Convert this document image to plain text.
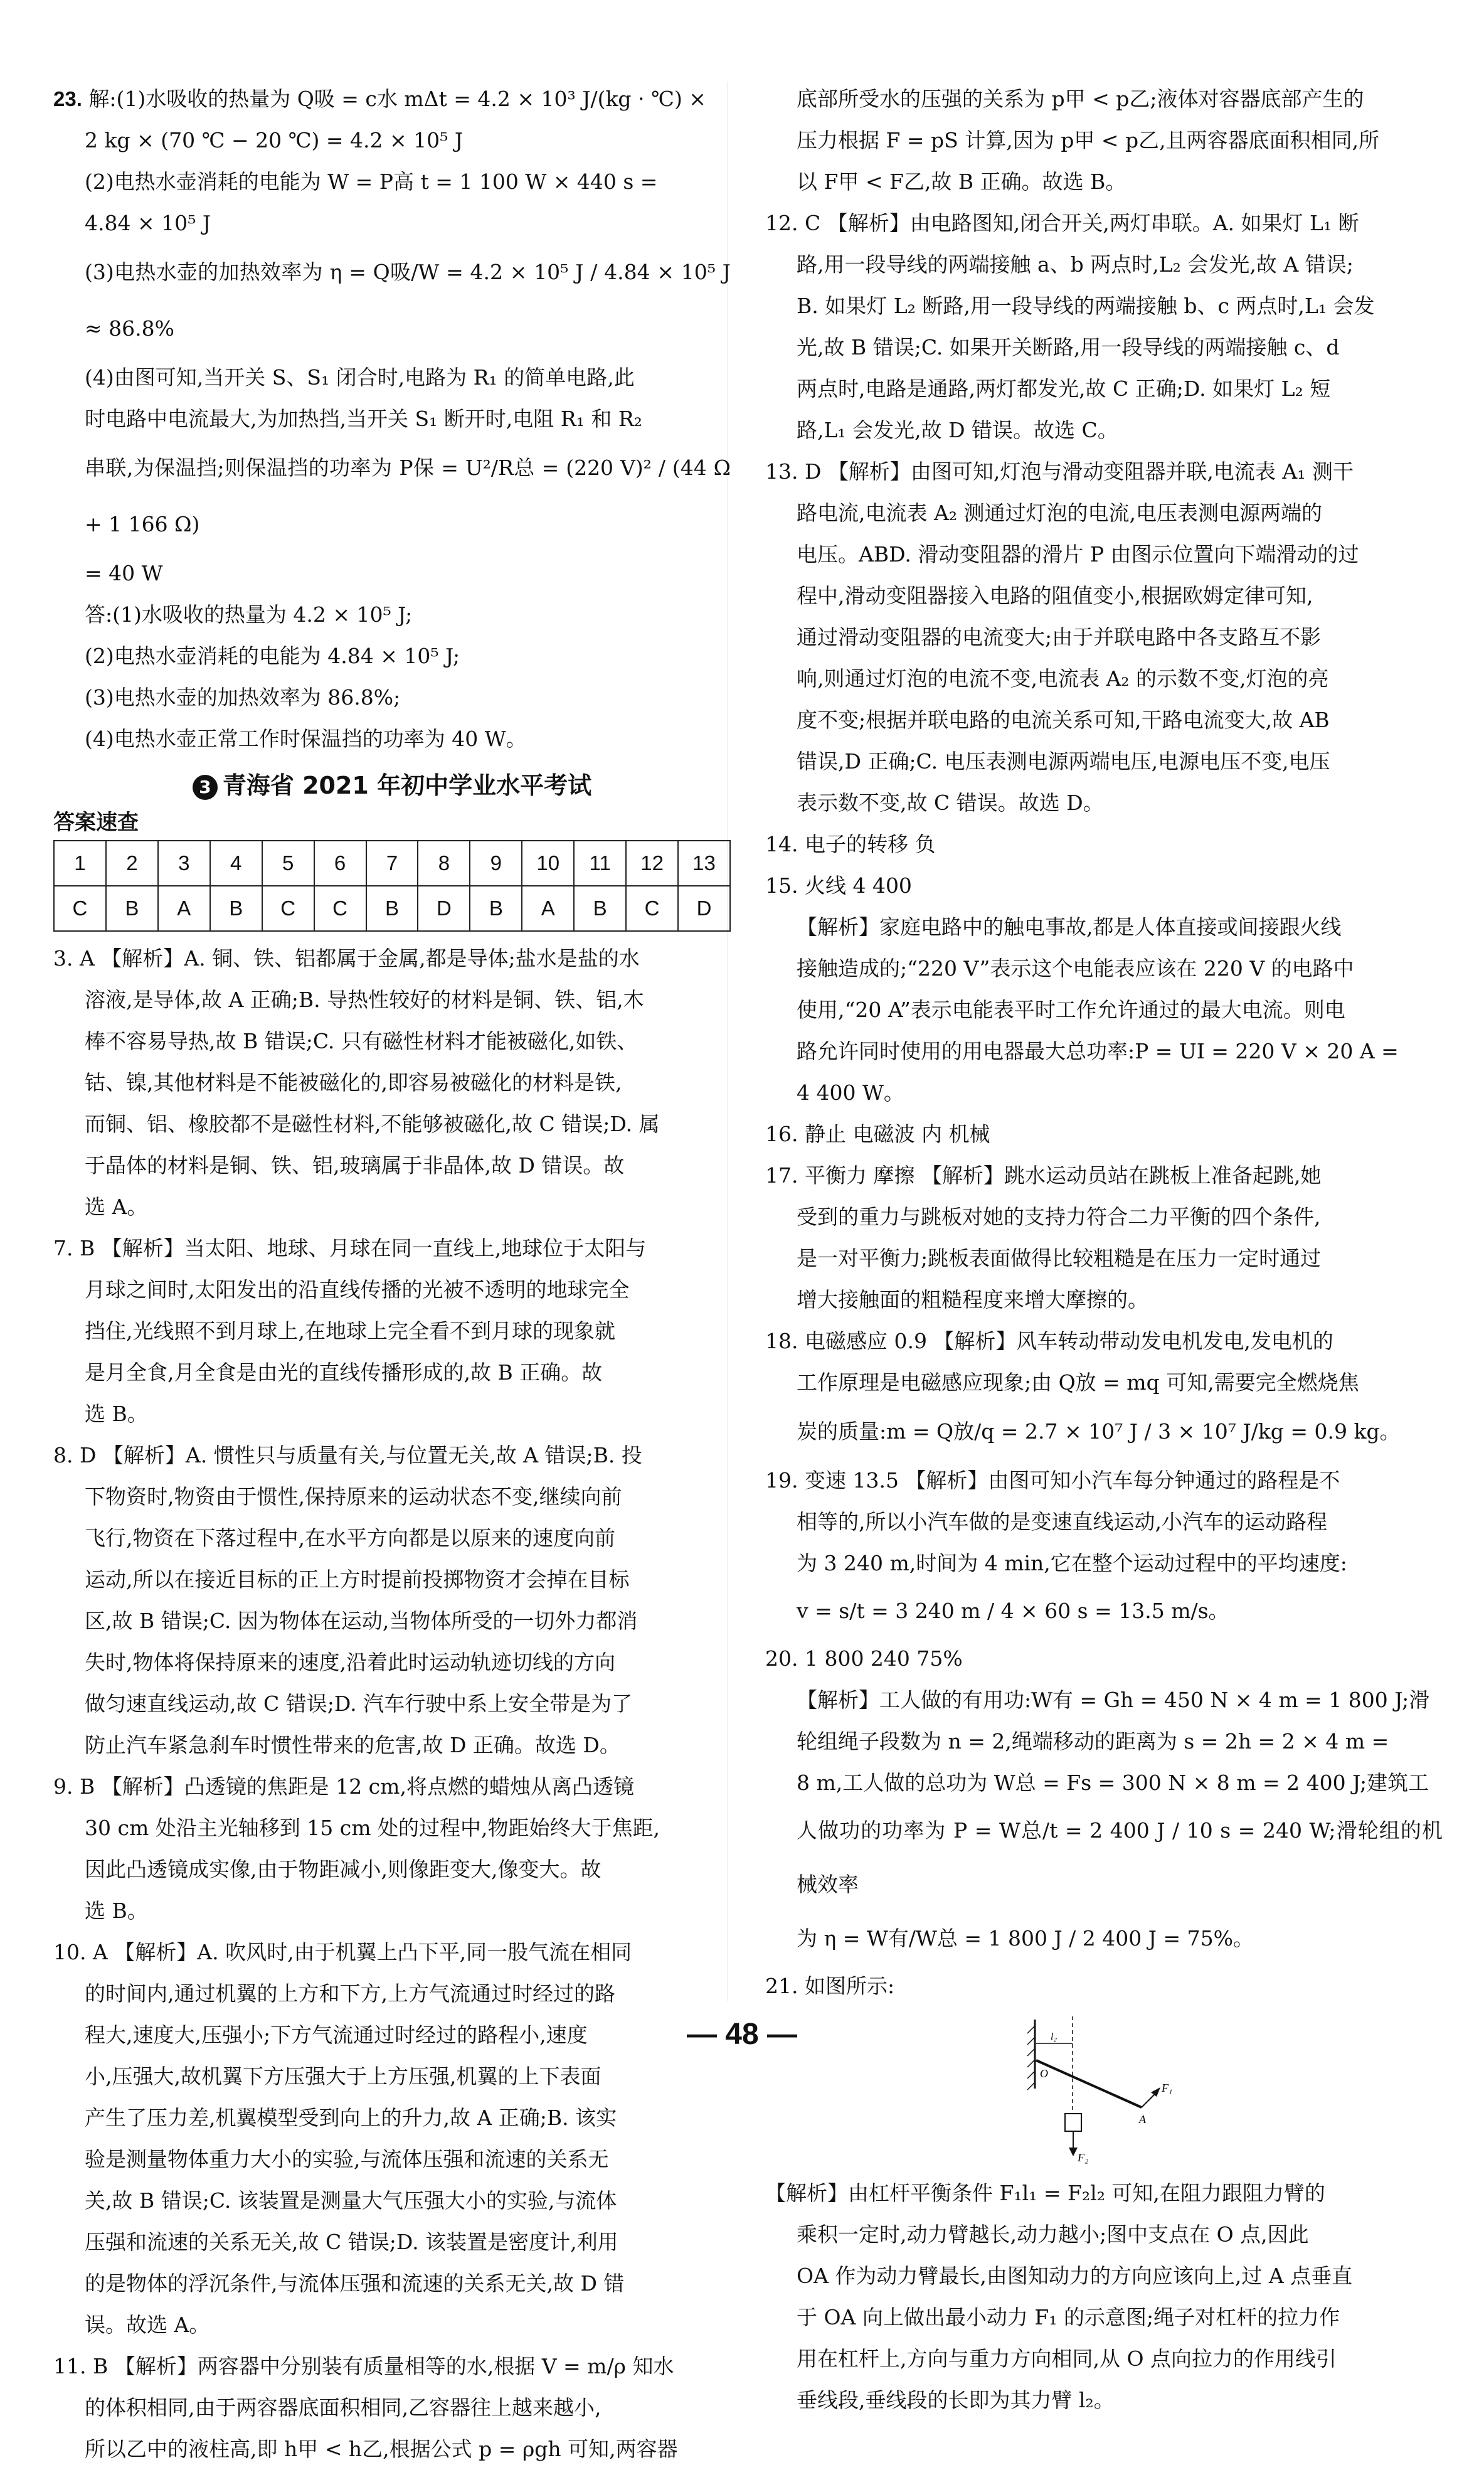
23. 解:(1)水吸收的热量为 Q吸 = c水 mΔt = 4.2 × 10³ J/(kg · ℃) ×

2 kg × (70 ℃ − 20 ℃) = 4.2 × 10⁵ J

(2)电热水壶消耗的电能为 W = P高 t = 1 100 W × 440 s =

4.84 × 10⁵ J

(3)电热水壶的加热效率为 η = Q吸/W = 4.2 × 10⁵ J / 4.84 × 10⁵ J ≈ 86.8%

(4)由图可知,当开关 S、S₁ 闭合时,电路为 R₁ 的简单电路,此

时电路中电流最大,为加热挡,当开关 S₁ 断开时,电阻 R₁ 和 R₂

串联,为保温挡;则保温挡的功率为 P保 = U²/R总 = (220 V)² / (44 Ω + 1 166 Ω)

= 40 W

答:(1)水吸收的热量为 4.2 × 10⁵ J;

(2)电热水壶消耗的电能为 4.84 × 10⁵ J;

(3)电热水壶的加热效率为 86.8%;

(4)电热水壶正常工作时保温挡的功率为 40 W。

3 青海省 2021 年初中学业水平考试

答案速查

1	2	3	4	5	6	7	8	9	10	11	12	13
C	B	A	B	C	C	B	D	B	A	B	C	D

3. A 【解析】A. 铜、铁、铝都属于金属,都是导体;盐水是盐的水

溶液,是导体,故 A 正确;B. 导热性较好的材料是铜、铁、铝,木

棒不容易导热,故 B 错误;C. 只有磁性材料才能被磁化,如铁、

钴、镍,其他材料是不能被磁化的,即容易被磁化的材料是铁,

而铜、铝、橡胶都不是磁性材料,不能够被磁化,故 C 错误;D. 属

于晶体的材料是铜、铁、铝,玻璃属于非晶体,故 D 错误。故

选 A。

7. B 【解析】当太阳、地球、月球在同一直线上,地球位于太阳与

月球之间时,太阳发出的沿直线传播的光被不透明的地球完全

挡住,光线照不到月球上,在地球上完全看不到月球的现象就

是月全食,月全食是由光的直线传播形成的,故 B 正确。故

选 B。

8. D 【解析】A. 惯性只与质量有关,与位置无关,故 A 错误;B. 投

下物资时,物资由于惯性,保持原来的运动状态不变,继续向前

飞行,物资在下落过程中,在水平方向都是以原来的速度向前

运动,所以在接近目标的正上方时提前投掷物资才会掉在目标

区,故 B 错误;C. 因为物体在运动,当物体所受的一切外力都消

失时,物体将保持原来的速度,沿着此时运动轨迹切线的方向

做匀速直线运动,故 C 错误;D. 汽车行驶中系上安全带是为了

防止汽车紧急刹车时惯性带来的危害,故 D 正确。故选 D。

9. B 【解析】凸透镜的焦距是 12 cm,将点燃的蜡烛从离凸透镜

30 cm 处沿主光轴移到 15 cm 处的过程中,物距始终大于焦距,

因此凸透镜成实像,由于物距减小,则像距变大,像变大。故

选 B。

10. A 【解析】A. 吹风时,由于机翼上凸下平,同一股气流在相同

的时间内,通过机翼的上方和下方,上方气流通过时经过的路

程大,速度大,压强小;下方气流通过时经过的路程小,速度

小,压强大,故机翼下方压强大于上方压强,机翼的上下表面

产生了压力差,机翼模型受到向上的升力,故 A 正确;B. 该实

验是测量物体重力大小的实验,与流体压强和流速的关系无

关,故 B 错误;C. 该装置是测量大气压强大小的实验,与流体

压强和流速的关系无关,故 C 错误;D. 该装置是密度计,利用

的是物体的浮沉条件,与流体压强和流速的关系无关,故 D 错

误。故选 A。

11. B 【解析】两容器中分别装有质量相等的水,根据 V = m/ρ 知水

的体积相同,由于两容器底面积相同,乙容器往上越来越小,

所以乙中的液柱高,即 h甲 < h乙,根据公式 p = ρgh 可知,两容器

底部所受水的压强的关系为 p甲 < p乙;液体对容器底部产生的

压力根据 F = pS 计算,因为 p甲 < p乙,且两容器底面积相同,所

以 F甲 < F乙,故 B 正确。故选 B。

12. C 【解析】由电路图知,闭合开关,两灯串联。A. 如果灯 L₁ 断

路,用一段导线的两端接触 a、b 两点时,L₂ 会发光,故 A 错误;

B. 如果灯 L₂ 断路,用一段导线的两端接触 b、c 两点时,L₁ 会发

光,故 B 错误;C. 如果开关断路,用一段导线的两端接触 c、d

两点时,电路是通路,两灯都发光,故 C 正确;D. 如果灯 L₂ 短

路,L₁ 会发光,故 D 错误。故选 C。

13. D 【解析】由图可知,灯泡与滑动变阻器并联,电流表 A₁ 测干

路电流,电流表 A₂ 测通过灯泡的电流,电压表测电源两端的

电压。ABD. 滑动变阻器的滑片 P 由图示位置向下端滑动的过

程中,滑动变阻器接入电路的阻值变小,根据欧姆定律可知,

通过滑动变阻器的电流变大;由于并联电路中各支路互不影

响,则通过灯泡的电流不变,电流表 A₂ 的示数不变,灯泡的亮

度不变;根据并联电路的电流关系可知,干路电流变大,故 AB

错误,D 正确;C. 电压表测电源两端电压,电源电压不变,电压

表示数不变,故 C 错误。故选 D。

14. 电子的转移 负

15. 火线 4 400

【解析】家庭电路中的触电事故,都是人体直接或间接跟火线

接触造成的;“220 V”表示这个电能表应该在 220 V 的电路中

使用,“20 A”表示电能表平时工作允许通过的最大电流。则电

路允许同时使用的用电器最大总功率:P = UI = 220 V × 20 A =

4 400 W。

16. 静止 电磁波 内 机械

17. 平衡力 摩擦 【解析】跳水运动员站在跳板上准备起跳,她

受到的重力与跳板对她的支持力符合二力平衡的四个条件,

是一对平衡力;跳板表面做得比较粗糙是在压力一定时通过

增大接触面的粗糙程度来增大摩擦的。

18. 电磁感应 0.9 【解析】风车转动带动发电机发电,发电机的

工作原理是电磁感应现象;由 Q放 = mq 可知,需要完全燃烧焦

炭的质量:m = Q放/q = 2.7 × 10⁷ J / 3 × 10⁷ J/kg = 0.9 kg。

19. 变速 13.5 【解析】由图可知小汽车每分钟通过的路程是不

相等的,所以小汽车做的是变速直线运动,小汽车的运动路程

为 3 240 m,时间为 4 min,它在整个运动过程中的平均速度:

v = s/t = 3 240 m / 4 × 60 s = 13.5 m/s。

20. 1 800 240 75%

【解析】工人做的有用功:W有 = Gh = 450 N × 4 m = 1 800 J;滑

轮组绳子段数为 n = 2,绳端移动的距离为 s = 2h = 2 × 4 m =

8 m,工人做的总功为 W总 = Fs = 300 N × 8 m = 2 400 J;建筑工

人做功的功率为 P = W总/t = 2 400 J / 10 s = 240 W;滑轮组的机械效率

为 η = W有/W总 = 1 800 J / 2 400 J = 75%。

21. 如图所示:

O
l₂
F₁
A
F₂

【解析】由杠杆平衡条件 F₁l₁ = F₂l₂ 可知,在阻力跟阻力臂的

乘积一定时,动力臂越长,动力越小;图中支点在 O 点,因此

OA 作为动力臂最长,由图知动力的方向应该向上,过 A 点垂直

于 OA 向上做出最小动力 F₁ 的示意图;绳子对杠杆的拉力作

用在杠杆上,方向与重力方向相同,从 O 点向拉力的作用线引

垂线段,垂线段的长即为其力臂 l₂。

— 48 —
